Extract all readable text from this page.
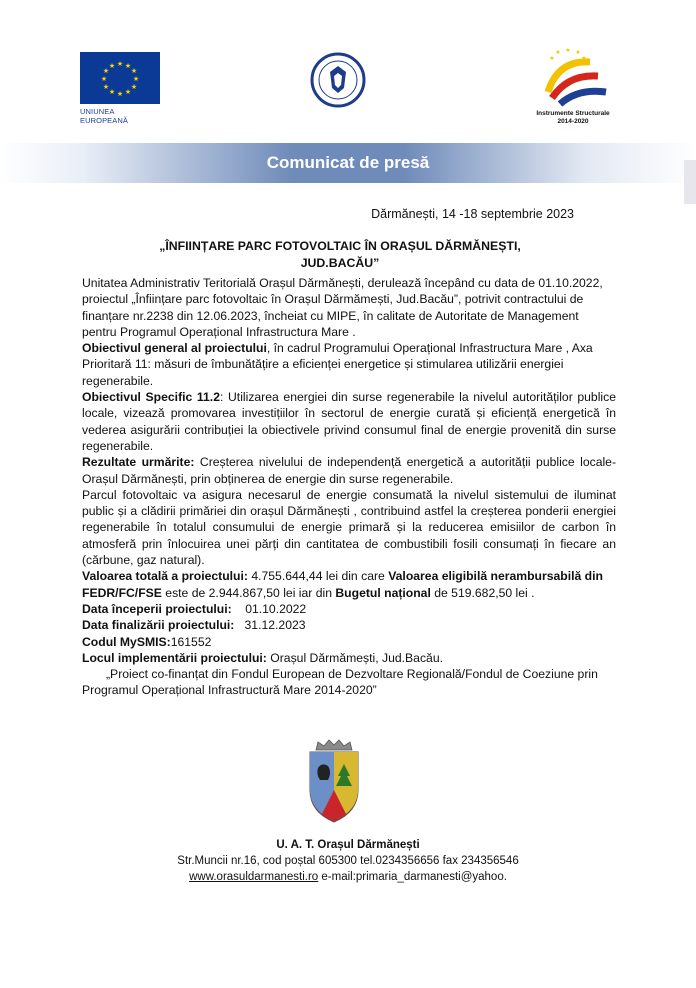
★ ★
★
★
★
★
★
★
★
★
★
★
UNIUNEA EUROPEANĂ
★ ★ ★
★	★
Instrumente Structurale
2014-2020
Comunicat de presă
Dărmănești, 14 -18 septembrie 2023
„ÎNFIINȚARE PARC FOTOVOLTAIC ÎN ORAȘUL DĂRMĂNEȘTI,
JUD.BACĂU”

Unitatea Administrativ Teritorială Orașul Dărmănești, derulează începând cu data de 01.10.2022, proiectul „Înființare parc fotovoltaic în Orașul Dărmămești, Jud.Bacău”, potrivit contractului de finanțare nr.2238 din 12.06.2023, încheiat cu MIPE, în calitate de Autoritate de Management pentru Programul Operațional Infrastructura Mare .

Obiectivul general al proiectului, în cadrul Programului Operațional Infrastructura Mare , Axa Prioritară 11: măsuri de îmbunătățire a eficienței energetice și stimularea utilizării energiei regenerabile.

Obiectivul Specific 11.2: Utilizarea energiei din surse regenerabile la nivelul autorităților publice locale, vizează promovarea investițiilor în sectorul de energie curată și eficiență energetică în vederea asigurării contribuției la obiectivele privind consumul final de energie provenită din surse regenerabile.

Rezultate urmărite: Creșterea nivelului de independență energetică a autorității publice locale-Orașul Dărmănești, prin obținerea de energie din surse regenerabile.

Parcul fotovoltaic va asigura necesarul de energie consumată la nivelul sistemului de iluminat public și a clădirii primăriei din orașul Dărmănești , contribuind astfel la creșterea ponderii energiei regenerabile în totalul consumului de energie primară și la reducerea emisiilor de carbon în atmosferă prin înlocuirea unei părți din cantitatea de combustibili fosili consumați în fiecare an (cărbune, gaz natural).

Valoarea totală a proiectului: 4.755.644,44 lei din care Valoarea eligibilă nerambursabilă din FEDR/FC/FSE este de 2.944.867,50 lei iar din Bugetul național de 519.682,50 lei .

Data începerii proiectului:    01.10.2022

Data finalizării proiectului:   31.12.2023

Codul MySMIS:161552

Locul implementării proiectului: Orașul Dărmămești, Jud.Bacău.

„Proiect co-finanțat din Fondul European de Dezvoltare Regională/Fondul de Coeziune prin Programul Operațional Infrastructură Mare 2014-2020”

U. A. T. Orașul Dărmănești
Str.Muncii nr.16, cod poștal 605300 tel.0234356656 fax 234356546
www.orasuldarmanesti.ro e-mail:primaria_darmanesti@yahoo.
